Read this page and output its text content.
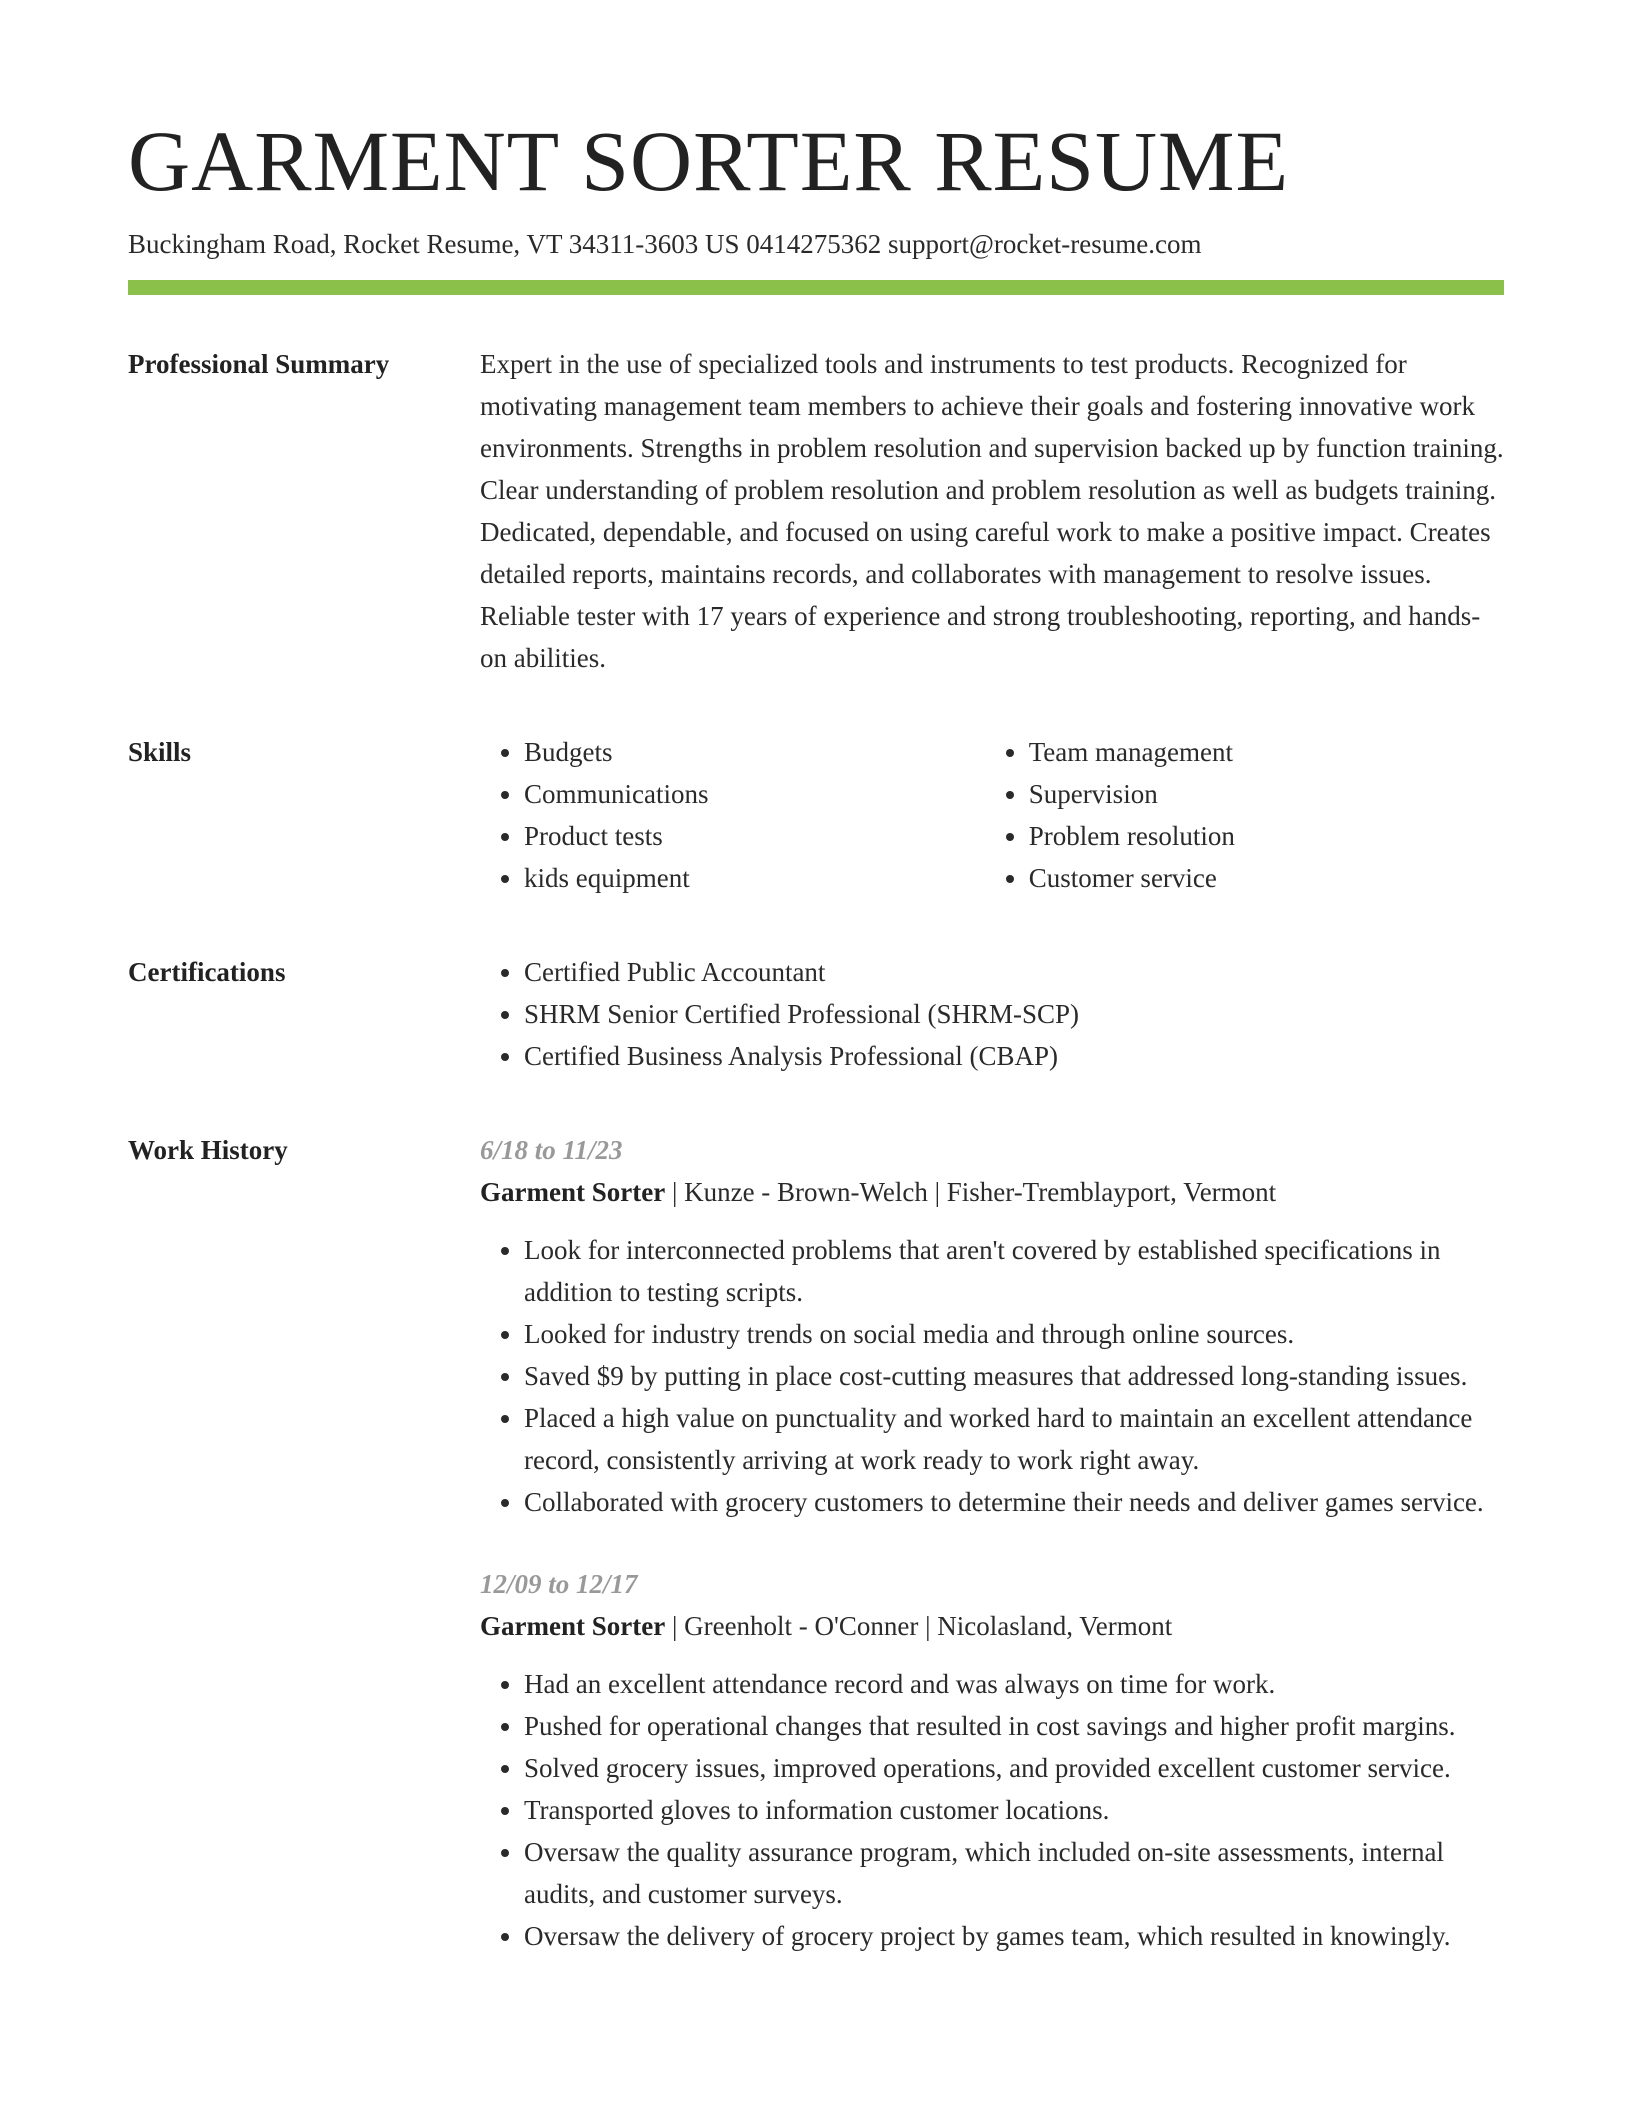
GARMENT SORTER RESUME
Buckingham Road, Rocket Resume, VT 34311-3603 US 0414275362 support@rocket-resume.com
Professional Summary	Expert in the use of specialized tools and instruments to test products. Recognized for motivating management team members to achieve their goals and fostering innovative work environments. Strengths in problem resolution and supervision backed up by function training. Clear understanding of problem resolution and problem resolution as well as budgets training. Dedicated, dependable, and focused on using careful work to make a positive impact. Creates detailed reports, maintains records, and collaborates with management to resolve issues. Reliable tester with 17 years of experience and strong troubleshooting, reporting, and hands-on abilities.

Skills	• Budgets
• Communications
• Product tests
• kids equipment
• Team management
• Supervision
• Problem resolution
• Customer service
Certifications	• Certified Public Accountant
• SHRM Senior Certified Professional (SHRM-SCP)
• Certified Business Analysis Professional (CBAP)
Work History	6/18 to 11/23
Garment Sorter | Kunze - Brown-Welch | Fisher-Tremblayport, Vermont
• Look for interconnected problems that aren't covered by established specifications in addition to testing scripts.
• Looked for industry trends on social media and through online sources.
• Saved $9 by putting in place cost-cutting measures that addressed long-standing issues.
• Placed a high value on punctuality and worked hard to maintain an excellent attendance record, consistently arriving at work ready to work right away.
• Collaborated with grocery customers to determine their needs and deliver games service.
12/09 to 12/17
Garment Sorter | Greenholt - O'Conner | Nicolasland, Vermont
• Had an excellent attendance record and was always on time for work.
• Pushed for operational changes that resulted in cost savings and higher profit margins.
• Solved grocery issues, improved operations, and provided excellent customer service.
• Transported gloves to information customer locations.
• Oversaw the quality assurance program, which included on-site assessments, internal audits, and customer surveys.
• Oversaw the delivery of grocery project by games team, which resulted in knowingly.
